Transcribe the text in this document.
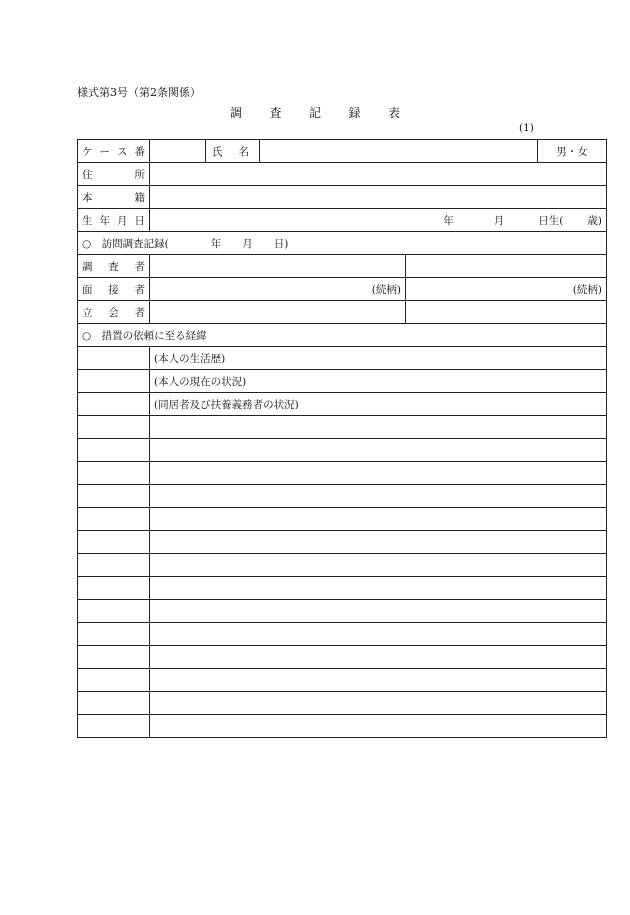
様式第3号（第2条関係）
調 査 記 録 表
(1)
ケ ー ス 番		氏 名			男・女

住 所					

本 籍					

生 年 月 日	年 月 日生( 歳)				

○　訪問調査記録(　　　　年　　月　　日)					

調 査 者					

面 接 者	(続柄)			(続柄)	

立 会 者					

○　措置の依頼に至る経緯					
	(本人の生活歴)				
	(本人の現在の状況)				
	(同居者及び扶養義務者の状況)				
